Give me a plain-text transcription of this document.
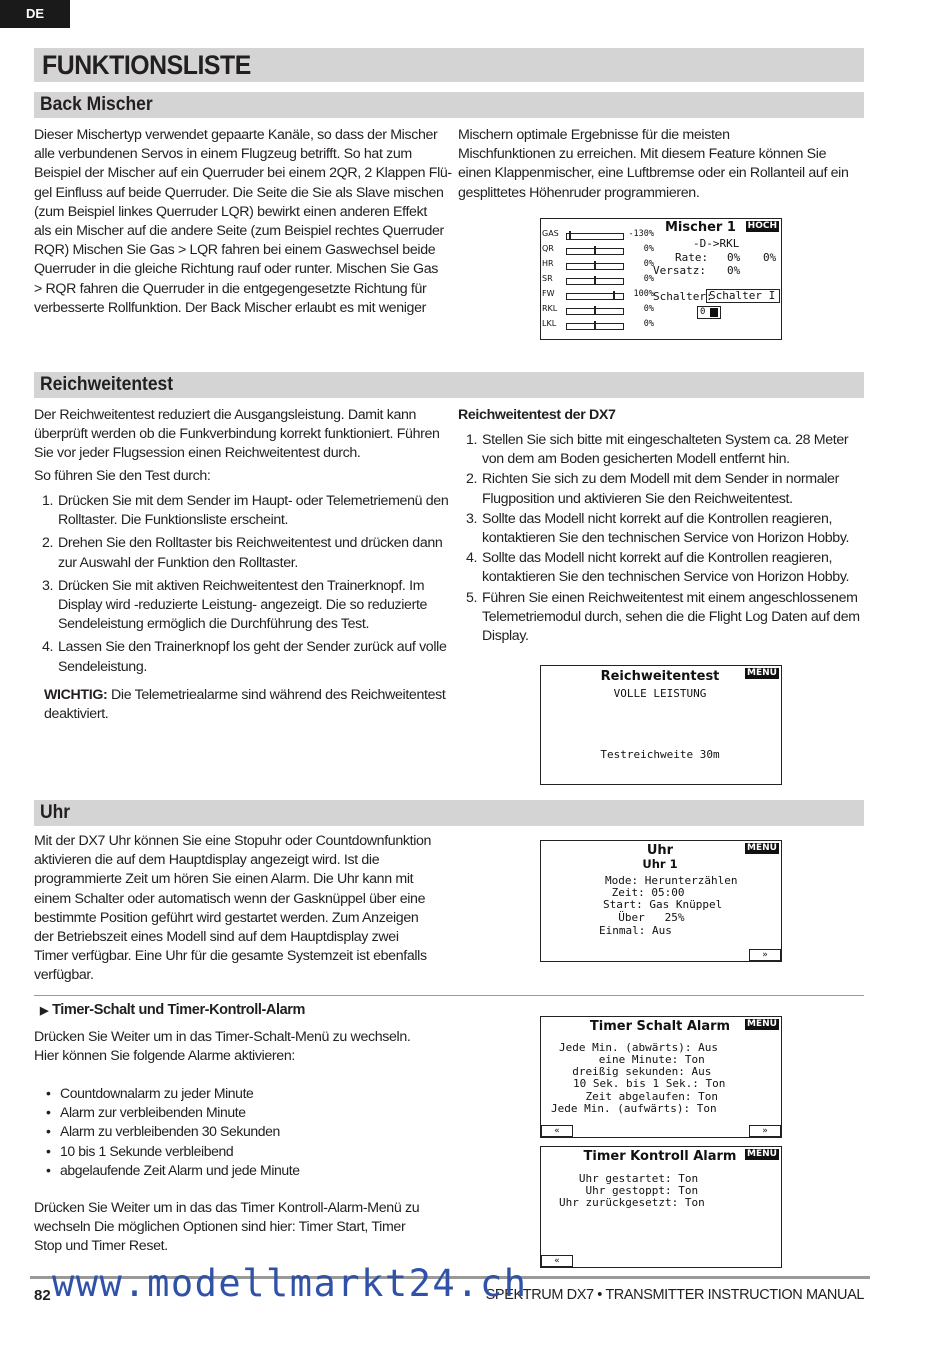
DE
FUNKTIONSLISTE
Back Mischer

Dieser Mischertyp verwendet gepaarte Kanäle, so dass der Mischer

alle verbundenen Servos in einem Flugzeug betrifft. So hat zum

Beispiel der Mischer auf ein Querruder bei einem 2QR, 2 Klappen Flü-

gel Einfluss auf beide Querruder. Die Seite die Sie als Slave mischen

(zum Beispiel linkes Querruder LQR) bewirkt einen anderen Effekt

als ein Mischer auf die andere Seite (zum Beispiel rechtes Querruder

RQR) Mischen Sie Gas > LQR fahren bei einem Gaswechsel beide

Querruder in die gleiche Richtung rauf oder runter. Mischen Sie Gas

> RQR fahren die Querruder in die entgegengesetzte Richtung für

verbesserte Rollfunktion. Der Back Mischer erlaubt es mit weniger

Mischern optimale Ergebnisse für die meisten

Mischfunktionen zu erreichen. Mit diesem Feature können Sie

einen Klappenmischer, eine Luftbremse oder ein Rollanteil auf ein

gesplittetes Höhenruder programmieren.

GAS	-130%
QR	0%
HR	0%
SR	0%
FW	100%
RKL	0%
LKL	0%
Mischer 1 HOCH
-D->RKL
Rate: 0% 0%
Versatz: 0%
Schalter:
Schalter I
0
Reichweitentest

Der Reichweitentest reduziert die Ausgangsleistung. Damit kann

überprüft werden ob die Funkverbindung korrekt funktioniert. Führen

Sie vor jeder Flugsession einen Reichweitentest durch.

So führen Sie den Test durch:

1. Drücken Sie mit dem Sender im Haupt- oder Telemetriemenü den

Rolltaster. Die Funktionsliste erscheint.

2. Drehen Sie den Rolltaster bis Reichweitentest und drücken dann

zur Auswahl der Funktion den Rolltaster.

3. Drücken Sie mit aktiven Reichweitentest den Trainerknopf. Im

Display wird -reduzierte Leistung- angezeigt. Die so reduzierte

Sendeleistung ermöglich die Durchführung des Test.

4. Lassen Sie den Trainerknopf los geht der Sender zurück auf volle

Sendeleistung.

WICHTIG: Die Telemetriealarme sind während des Reichweitentest

deaktiviert.

Reichweitentest der DX7

1. Stellen Sie sich bitte mit eingeschalteten System ca. 28 Meter

von dem am Boden gesicherten Modell entfernt hin.

2. Richten Sie sich zu dem Modell mit dem Sender in normaler

Flugposition und aktivieren Sie den Reichweitentest.

3. Sollte das Modell nicht korrekt auf die Kontrollen reagieren,

kontaktieren Sie den technischen Service von Horizon Hobby.

4. Sollte das Modell nicht korrekt auf die Kontrollen reagieren,

kontaktieren Sie den technischen Service von Horizon Hobby.

5. Führen Sie einen Reichweitentest mit einem angeschlossenem

Telemetriemodul durch, sehen die die Flight Log Daten auf dem

Display.

Reichweitentest	MENU
VOLLE LEISTUNG
Testreichweite 30m
Uhr

Mit der DX7 Uhr können Sie eine Stopuhr oder Countdownfunktion

aktivieren die auf dem Hauptdisplay angezeigt wird. Ist die

programmierte Zeit um hören Sie einen Alarm. Die Uhr kann mit

einem Schalter oder automatisch wenn der Gasknüppel über eine

bestimmte Position geführt wird gestartet werden. Zum Anzeigen

der Betriebszeit eines Modell sind auf dem Hauptdisplay zwei

Timer verfügbar. Eine Uhr für die gesamte Systemzeit ist ebenfalls

verfügbar.

Uhr
Uhr 1
MENU
Mode: Herunterzählen
Zeit: 05:00
Start: Gas Knüppel
Über   25%
Einmal: Aus
»
▶ Timer-Schalt und Timer-Kontroll-Alarm

Drücken Sie Weiter um in das Timer-Schalt-Menü zu wechseln.

Hier können Sie folgende Alarme aktivieren:

• Countdownalarm zu jeder Minute
• Alarm zur verbleibenden Minute
• Alarm zu verbleibenden 30 Sekunden
• 10 bis 1 Sekunde verbleibend
• abgelaufende Zeit Alarm und jede Minute

Drücken Sie Weiter um in das das Timer Kontroll-Alarm-Menü zu

wechseln Die möglichen Optionen sind hier: Timer Start, Timer

Stop und Timer Reset.

Timer Schalt Alarm	MENU
Jede Min. (abwärts): Aus
eine Minute: Ton
dreißig sekunden: Aus
10 Sek. bis 1 Sek.: Ton
Zeit abgelaufen: Ton
Jede Min. (aufwärts): Ton
«	»
Timer Kontroll Alarm	MENU
Uhr gestartet: Ton
Uhr gestoppt: Ton
Uhr zurückgesetzt: Ton
«
82	SPEKTRUM DX7 • TRANSMITTER INSTRUCTION MANUAL
www.modellmarkt24.ch
